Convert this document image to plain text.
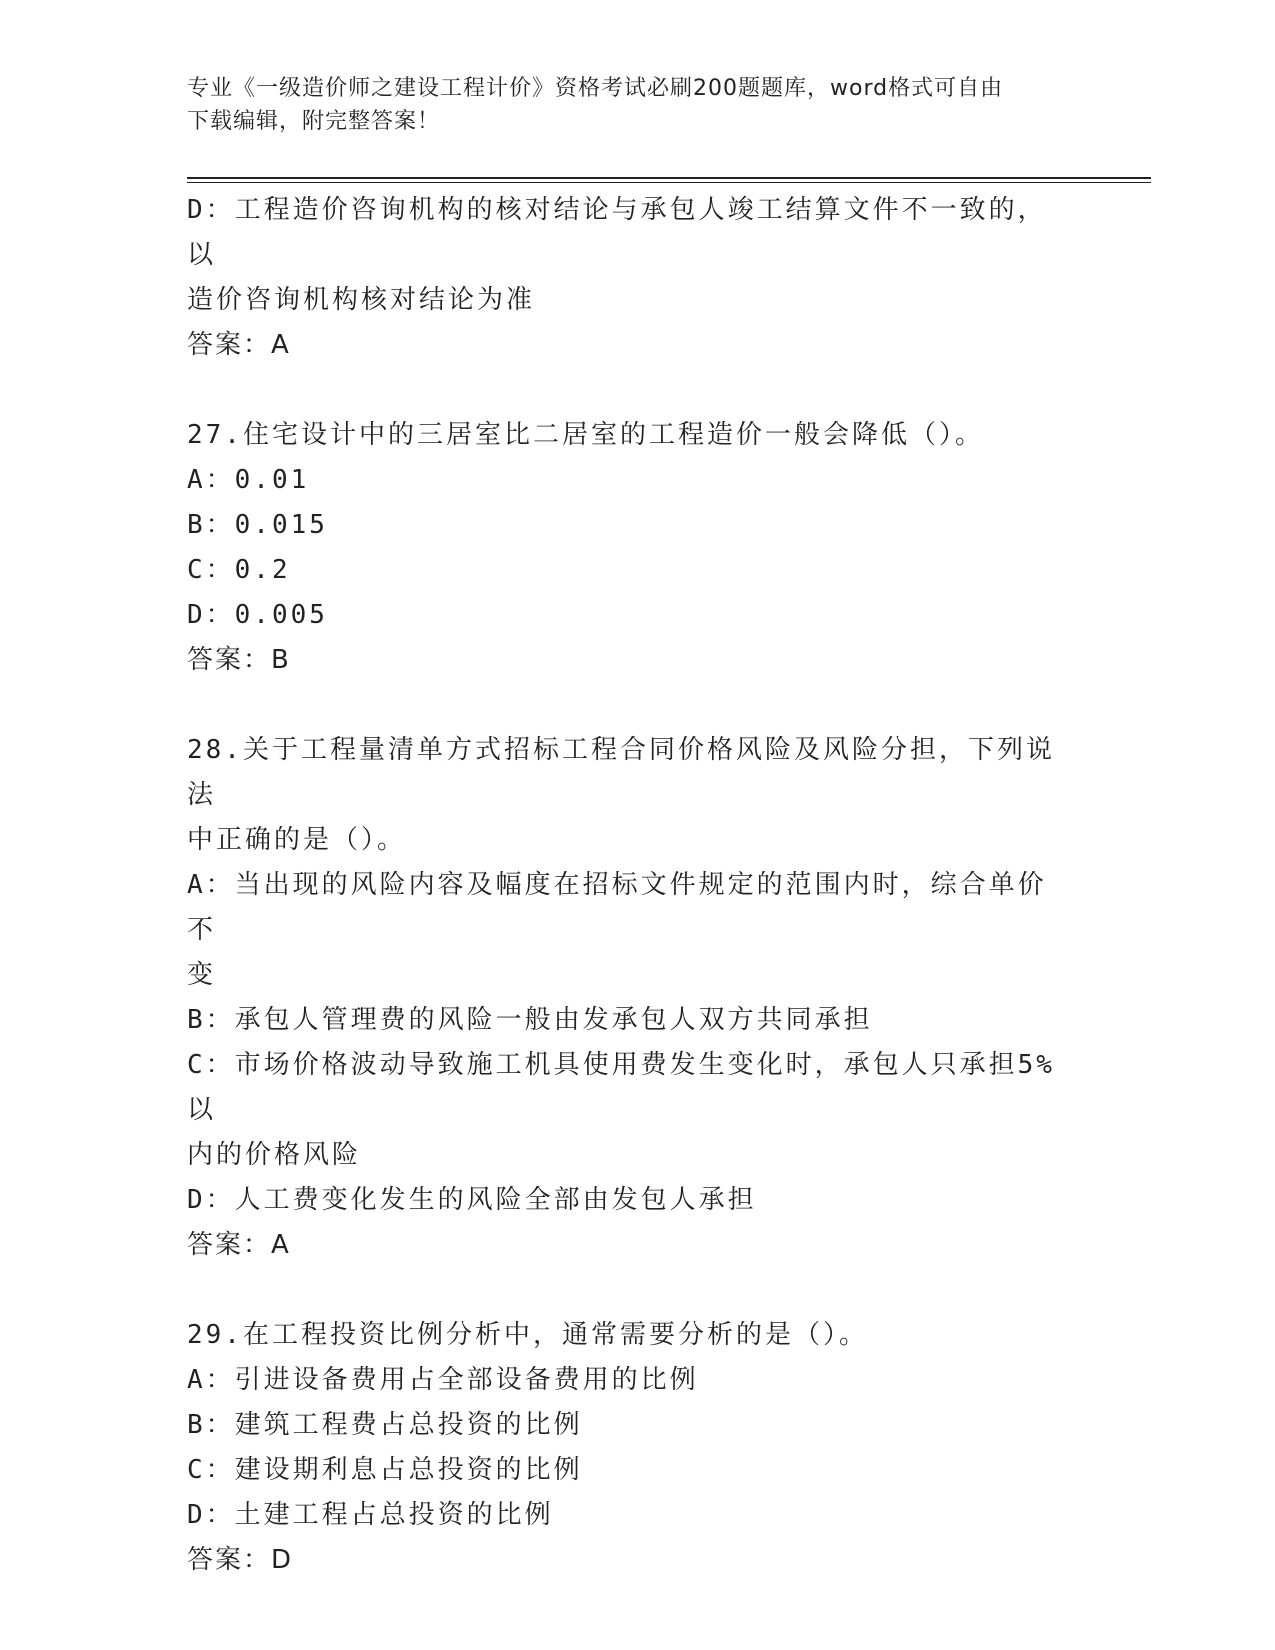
专业《一级造价师之建设工程计价》资格考试必刷200题题库，word格式可自由
下载编辑，附完整答案！
D：工程造价咨询机构的核对结论与承包人竣工结算文件不一致的，以
造价咨询机构核对结论为准
答案：A
27.住宅设计中的三居室比二居室的工程造价一般会降低（）。
A：0.01
B：0.015
C：0.2
D：0.005
答案：B
28.关于工程量清单方式招标工程合同价格风险及风险分担，下列说法
中正确的是（）。
A：当出现的风险内容及幅度在招标文件规定的范围内时，综合单价不
变
B：承包人管理费的风险一般由发承包人双方共同承担
C：市场价格波动导致施工机具使用费发生变化时，承包人只承担5%以
内的价格风险
D：人工费变化发生的风险全部由发包人承担
答案：A
29.在工程投资比例分析中，通常需要分析的是（）。
A：引进设备费用占全部设备费用的比例
B：建筑工程费占总投资的比例
C：建设期利息占总投资的比例
D：土建工程占总投资的比例
答案：D
